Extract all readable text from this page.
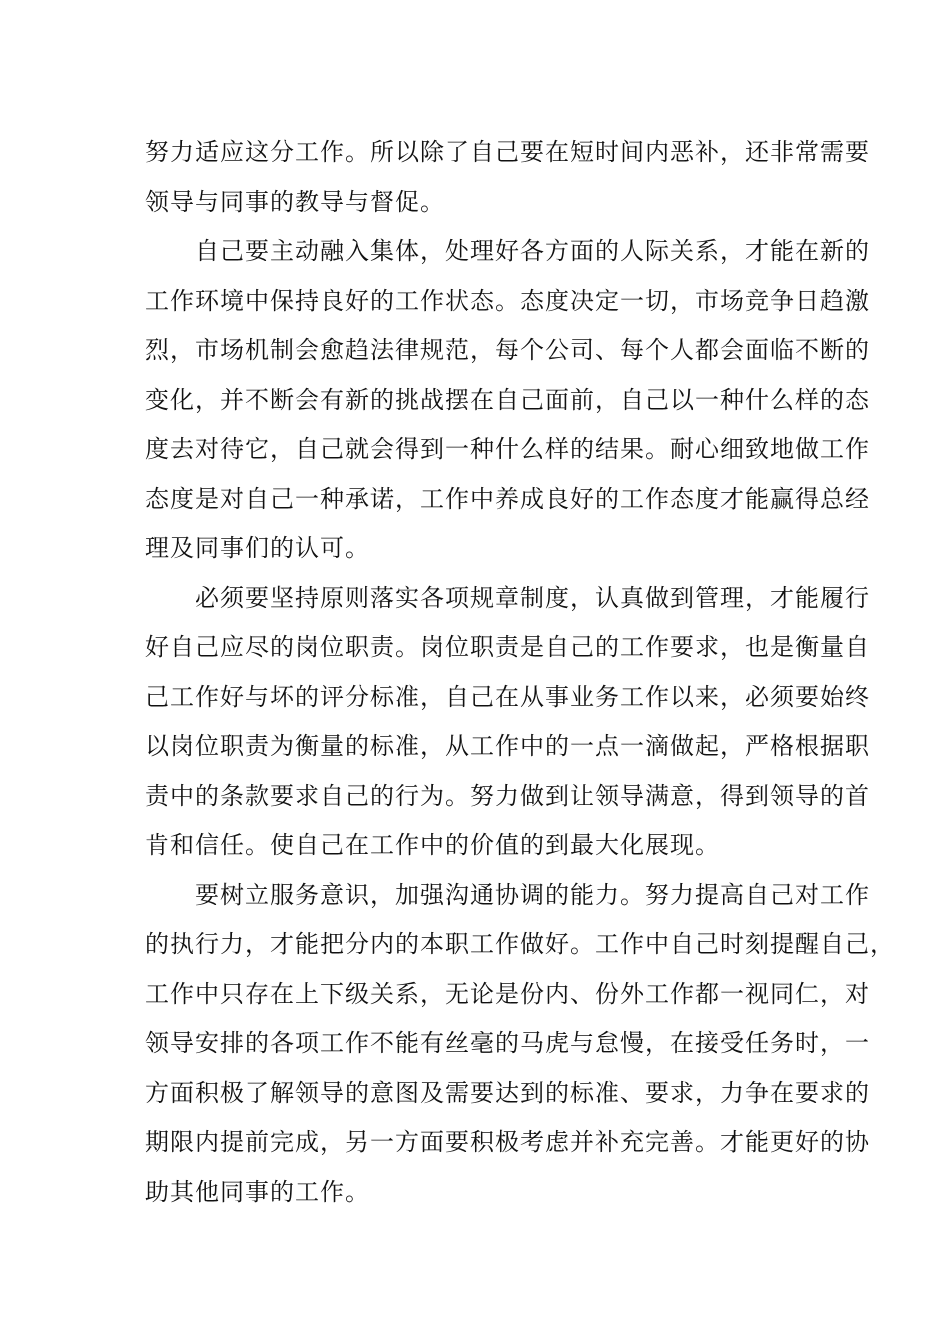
努力适应这分工作。所以除了自己要在短时间内恶补，还非常需要
领导与同事的教导与督促。
　　自己要主动融入集体，处理好各方面的人际关系，才能在新的
工作环境中保持良好的工作状态。态度决定一切，市场竞争日趋激
烈，市场机制会愈趋法律规范，每个公司、每个人都会面临不断的
变化，并不断会有新的挑战摆在自己面前，自己以一种什么样的态
度去对待它，自己就会得到一种什么样的结果。耐心细致地做工作
态度是对自己一种承诺，工作中养成良好的工作态度才能赢得总经
理及同事们的认可。
　　必须要坚持原则落实各项规章制度，认真做到管理，才能履行
好自己应尽的岗位职责。岗位职责是自己的工作要求，也是衡量自
己工作好与坏的评分标准，自己在从事业务工作以来，必须要始终
以岗位职责为衡量的标准，从工作中的一点一滴做起，严格根据职
责中的条款要求自己的行为。努力做到让领导满意，得到领导的首
肯和信任。使自己在工作中的价值的到最大化展现。
　　要树立服务意识，加强沟通协调的能力。努力提高自己对工作
的执行力，才能把分内的本职工作做好。工作中自己时刻提醒自己，
工作中只存在上下级关系，无论是份内、份外工作都一视同仁，对
领导安排的各项工作不能有丝毫的马虎与怠慢，在接受任务时，一
方面积极了解领导的意图及需要达到的标准、要求，力争在要求的
期限内提前完成，另一方面要积极考虑并补充完善。才能更好的协
助其他同事的工作。
